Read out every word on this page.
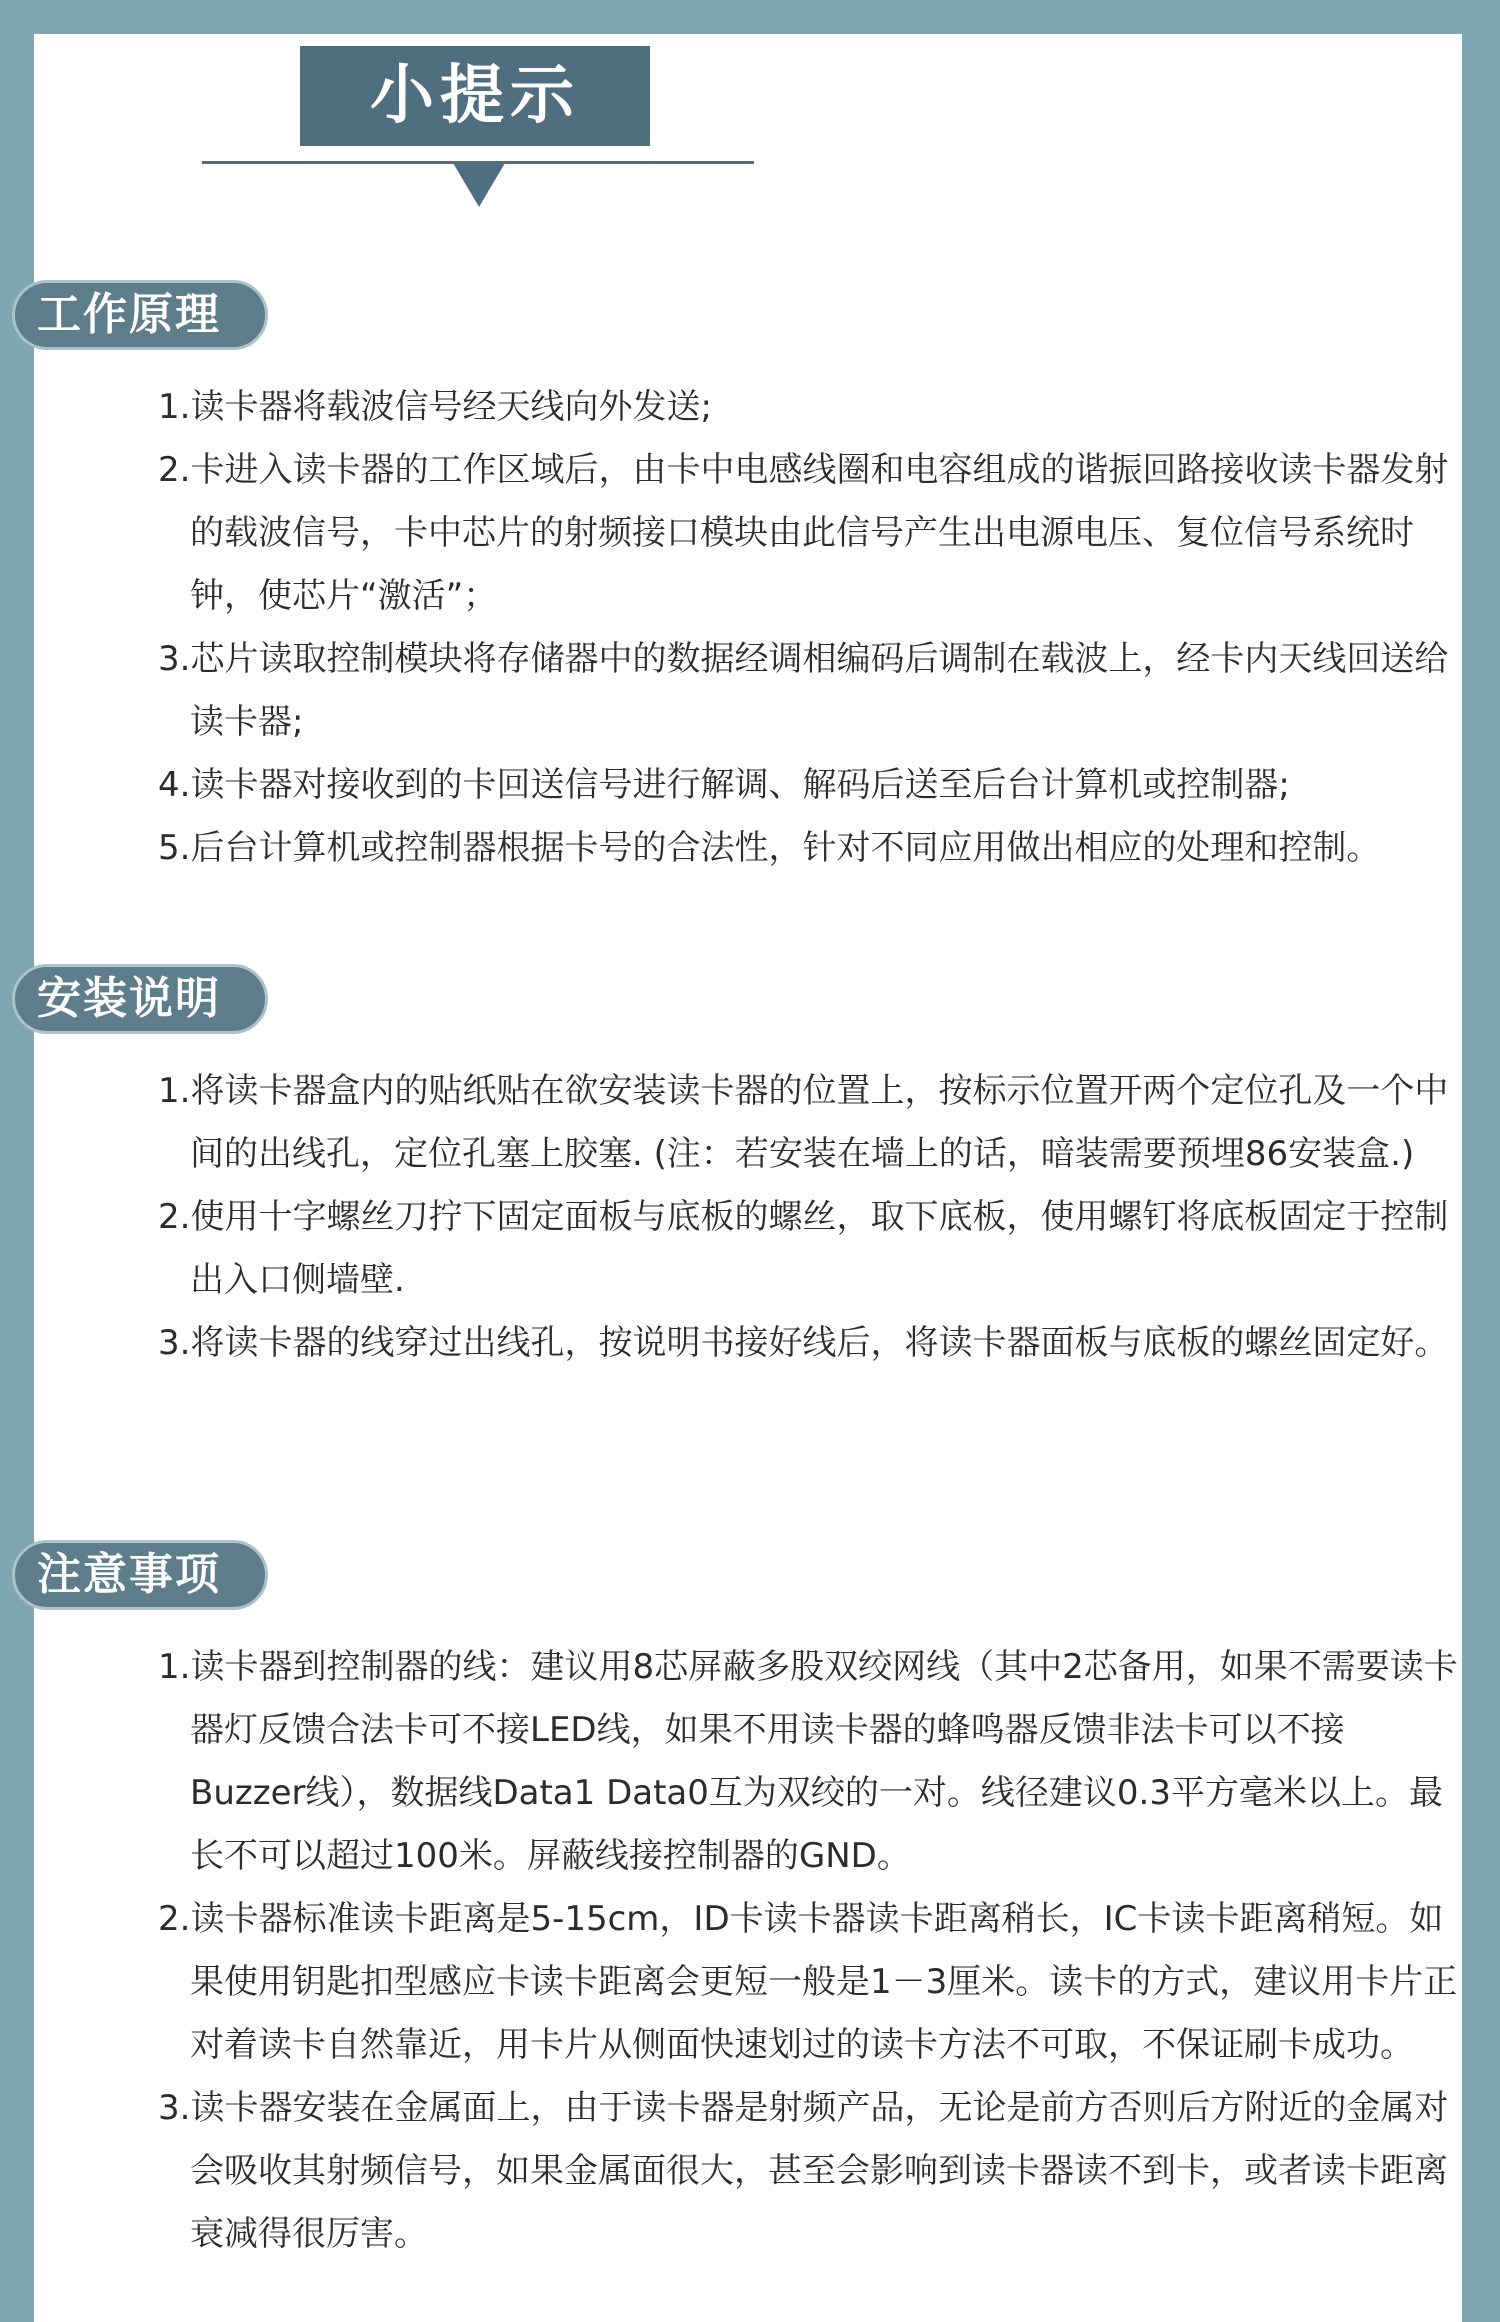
小提示
工作原理
1.读卡器将载波信号经天线向外发送;
2.卡进入读卡器的工作区域后，由卡中电感线圈和电容组成的谐振回路接收读卡器发射的载波信号，卡中芯片的射频接口模块由此信号产生出电源电压、复位信号系统时钟，使芯片“激活”；
3.芯片读取控制模块将存储器中的数据经调相编码后调制在载波上，经卡内天线回送给读卡器;
4.读卡器对接收到的卡回送信号进行解调、解码后送至后台计算机或控制器;
5.后台计算机或控制器根据卡号的合法性，针对不同应用做出相应的处理和控制。
安装说明
1.将读卡器盒内的贴纸贴在欲安装读卡器的位置上，按标示位置开两个定位孔及一个中间的出线孔，定位孔塞上胶塞. (注：若安装在墙上的话，暗装需要预埋86安装盒.)
2.使用十字螺丝刀拧下固定面板与底板的螺丝，取下底板，使用螺钉将底板固定于控制出入口侧墙壁.
3.将读卡器的线穿过出线孔，按说明书接好线后，将读卡器面板与底板的螺丝固定好。
注意事项
1.读卡器到控制器的线：建议用8芯屏蔽多股双绞网线（其中2芯备用，如果不需要读卡器灯反馈合法卡可不接LED线，如果不用读卡器的蜂鸣器反馈非法卡可以不接Buzzer线），数据线Data1 Data0互为双绞的一对。线径建议0.3平方毫米以上。最长不可以超过100米。屏蔽线接控制器的GND。
2.读卡器标准读卡距离是5-15cm，ID卡读卡器读卡距离稍长，IC卡读卡距离稍短。如果使用钥匙扣型感应卡读卡距离会更短一般是1－3厘米。读卡的方式，建议用卡片正对着读卡自然靠近，用卡片从侧面快速划过的读卡方法不可取，不保证刷卡成功。
3.读卡器安装在金属面上，由于读卡器是射频产品，无论是前方否则后方附近的金属对会吸收其射频信号，如果金属面很大，甚至会影响到读卡器读不到卡，或者读卡距离衰减得很厉害。
